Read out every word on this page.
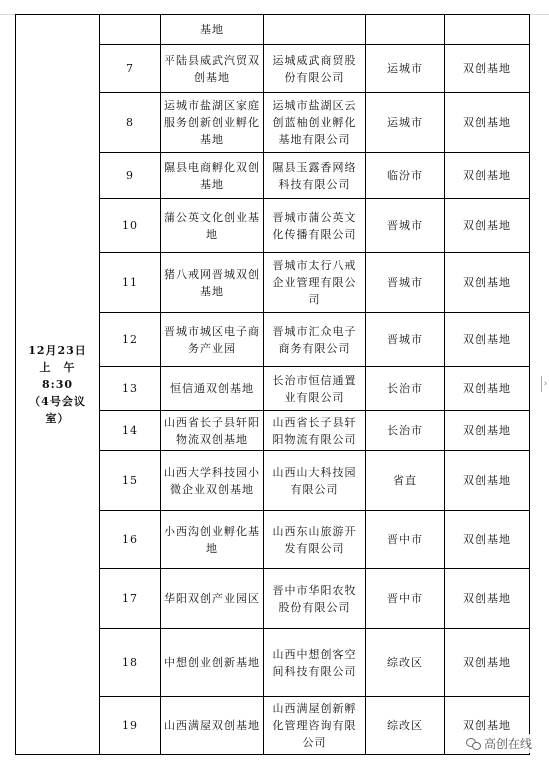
12月23日
上　午
8:30
（4号会议
室）		基地			
	7	平陆县威武汽贸双创基地	运城威武商贸股份有限公司	运城市	双创基地
	8	运城市盐湖区家庭服务创新创业孵化基地	运城市盐湖区云创蓝柚创业孵化基地有限公司	运城市	双创基地
	9	隰县电商孵化双创基地	隰县玉露香网络科技有限公司	临汾市	双创基地
	10	蒲公英文化创业基地	晋城市蒲公英文化传播有限公司	晋城市	双创基地
	11	猪八戒网晋城双创基地	晋城市太行八戒企业管理有限公司	晋城市	双创基地
	12	晋城市城区电子商务产业园	晋城市汇众电子商务有限公司	晋城市	双创基地
	13	恒信通双创基地	长治市恒信通置业有限公司	长治市	双创基地
	14	山西省长子县轩阳物流双创基地	山西省长子县轩阳物流有限公司	长治市	双创基地
	15	山西大学科技园小微企业双创基地	山西山大科技园有限公司	省直	双创基地
	16	小西沟创业孵化基地	山西东山旅游开发有限公司	晋中市	双创基地
	17	华阳双创产业园区	晋中市华阳农牧股份有限公司	晋中市	双创基地
	18	中想创业创新基地	山西中想创客空间科技有限公司	综改区	双创基地
	19	山西满屋双创基地	山西满屋创新孵化管理咨询有限公司	综改区	双创基地
›
高创在线
